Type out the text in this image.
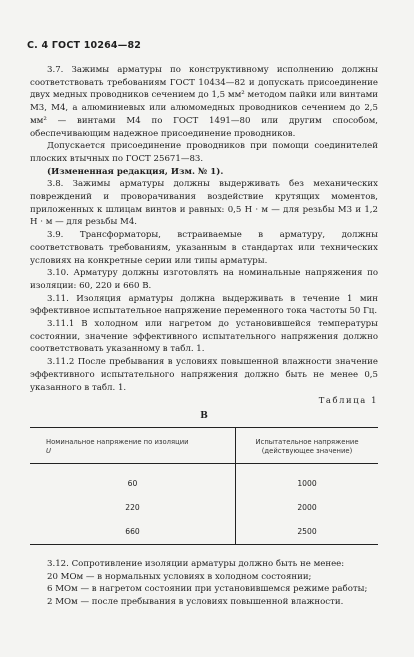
С. 4 ГОСТ 10264—82

3.7. Зажимы арматуры по конструктивному исполнению должны соответствовать требованиям ГОСТ 10434—82 и допускать присоединение двух медных проводников сечением до 1,5 мм² методом пайки или винтами М3, М4, а алюминиевых или алюмомедных проводников сечением до 2,5 мм² — винтами М4 по ГОСТ 1491—80 или другим способом, обеспечивающим надежное присоединение проводников.

Допускается присоединение проводников при помощи соединителей плоских втычных по ГОСТ 25671—83.

(Измененная редакция, Изм. № 1).

3.8. Зажимы арматуры должны выдерживать без механических повреждений и проворачивания воздействие крутящих моментов, приложенных к шлицам винтов и равных: 0,5 Н · м — для резьбы М3 и 1,2 Н · м — для резьбы М4.

3.9. Трансформаторы, встраиваемые в арматуру, должны соответствовать требованиям, указанным в стандартах или технических условиях на конкретные серии или типы арматуры.

3.10. Арматуру должны изготовлять на номинальные напряжения по изоляции: 60, 220 и 660 В.

3.11. Изоляция арматуры должна выдерживать в течение 1 мин эффективное испытательное напряжение переменного тока частоты 50 Гц.

3.11.1 В холодном или нагретом до установившейся температуры состоянии, значение эффективного испытательного напряжения должно соответствовать указанному в табл. 1.

3.11.2 После пребывания в условиях повышенной влажности значение эффективного испытательного напряжения должно быть не менее 0,5 указанного в табл. 1.

Таблица 1
В
Номинальное напряжение по изоляции
U	Испытательное напряжение (действующее значение)
60	1000
220	2000
660	2500

3.12. Сопротивление изоляции арматуры должно быть не менее:

20 МОм — в нормальных условиях в холодном состоянии;

6 МОм — в нагретом состоянии при установившемся режиме работы;

2 МОм — после пребывания в условиях повышенной влажности.
